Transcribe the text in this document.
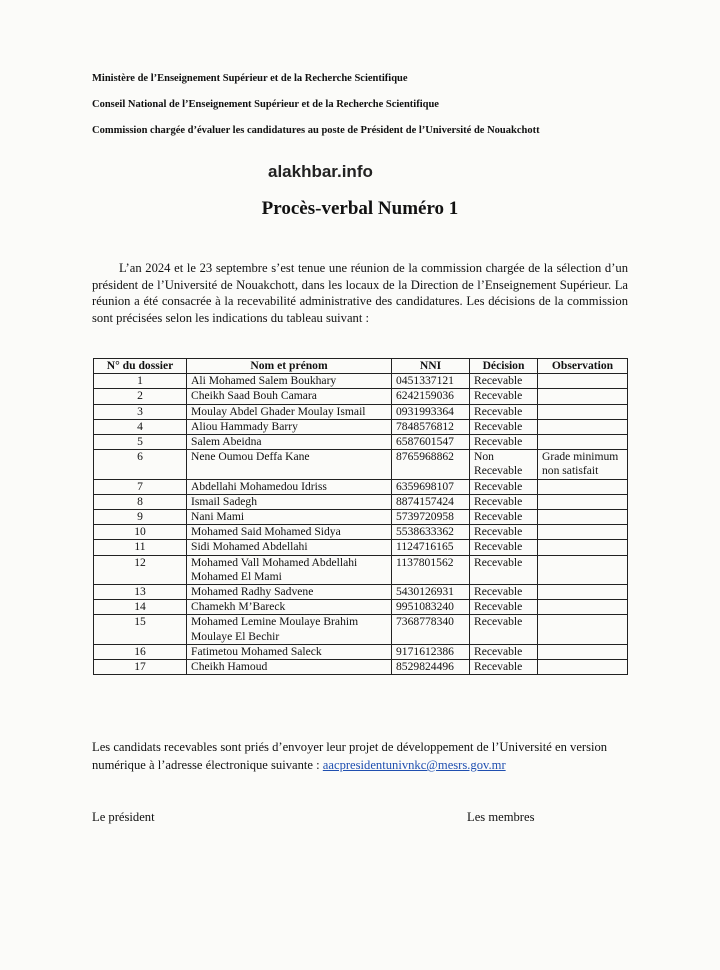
Ministère de l’Enseignement Supérieur et de la Recherche Scientifique
Conseil National de l’Enseignement Supérieur et de la Recherche Scientifique
Commission chargée d’évaluer les candidatures au poste de Président de l’Université de Nouakchott
alakhbar.info
Procès-verbal Numéro 1

L’an 2024 et le 23 septembre s’est tenue une réunion de la commission chargée de la sélection d’un président de l’Université de Nouakchott, dans les locaux de la Direction de l’Enseignement Supérieur. La réunion a été consacrée à la recevabilité administrative des candidatures. Les décisions de la commission sont précisées selon les indications du tableau suivant :

N° du dossier	Nom et prénom	NNI	Décision	Observation
1	Ali Mohamed Salem Boukhary	0451337121	Recevable	
2	Cheikh Saad Bouh Camara	6242159036	Recevable	
3	Moulay Abdel Ghader Moulay Ismail	0931993364	Recevable	
4	Aliou Hammady Barry	7848576812	Recevable	
5	Salem Abeidna	6587601547	Recevable	
6	Nene Oumou Deffa Kane	8765968862	Non Recevable	Grade minimum non satisfait
7	Abdellahi Mohamedou Idriss	6359698107	Recevable	
8	Ismail Sadegh	8874157424	Recevable	
9	Nani Mami	5739720958	Recevable	
10	Mohamed Said Mohamed Sidya	5538633362	Recevable	
11	Sidi Mohamed Abdellahi	1124716165	Recevable	
12	Mohamed Vall Mohamed Abdellahi Mohamed El Mami	1137801562	Recevable	
13	Mohamed Radhy Sadvene	5430126931	Recevable	
14	Chamekh M’Bareck	9951083240	Recevable	
15	Mohamed Lemine Moulaye Brahim Moulaye El Bechir	7368778340	Recevable	
16	Fatimetou Mohamed Saleck	9171612386	Recevable	
17	Cheikh Hamoud	8529824496	Recevable	

Les candidats recevables sont priés d’envoyer leur projet de développement de l’Université en version numérique à l’adresse électronique suivante : aacpresidentunivnkc@mesrs.gov.mr

Le président	Les membres
